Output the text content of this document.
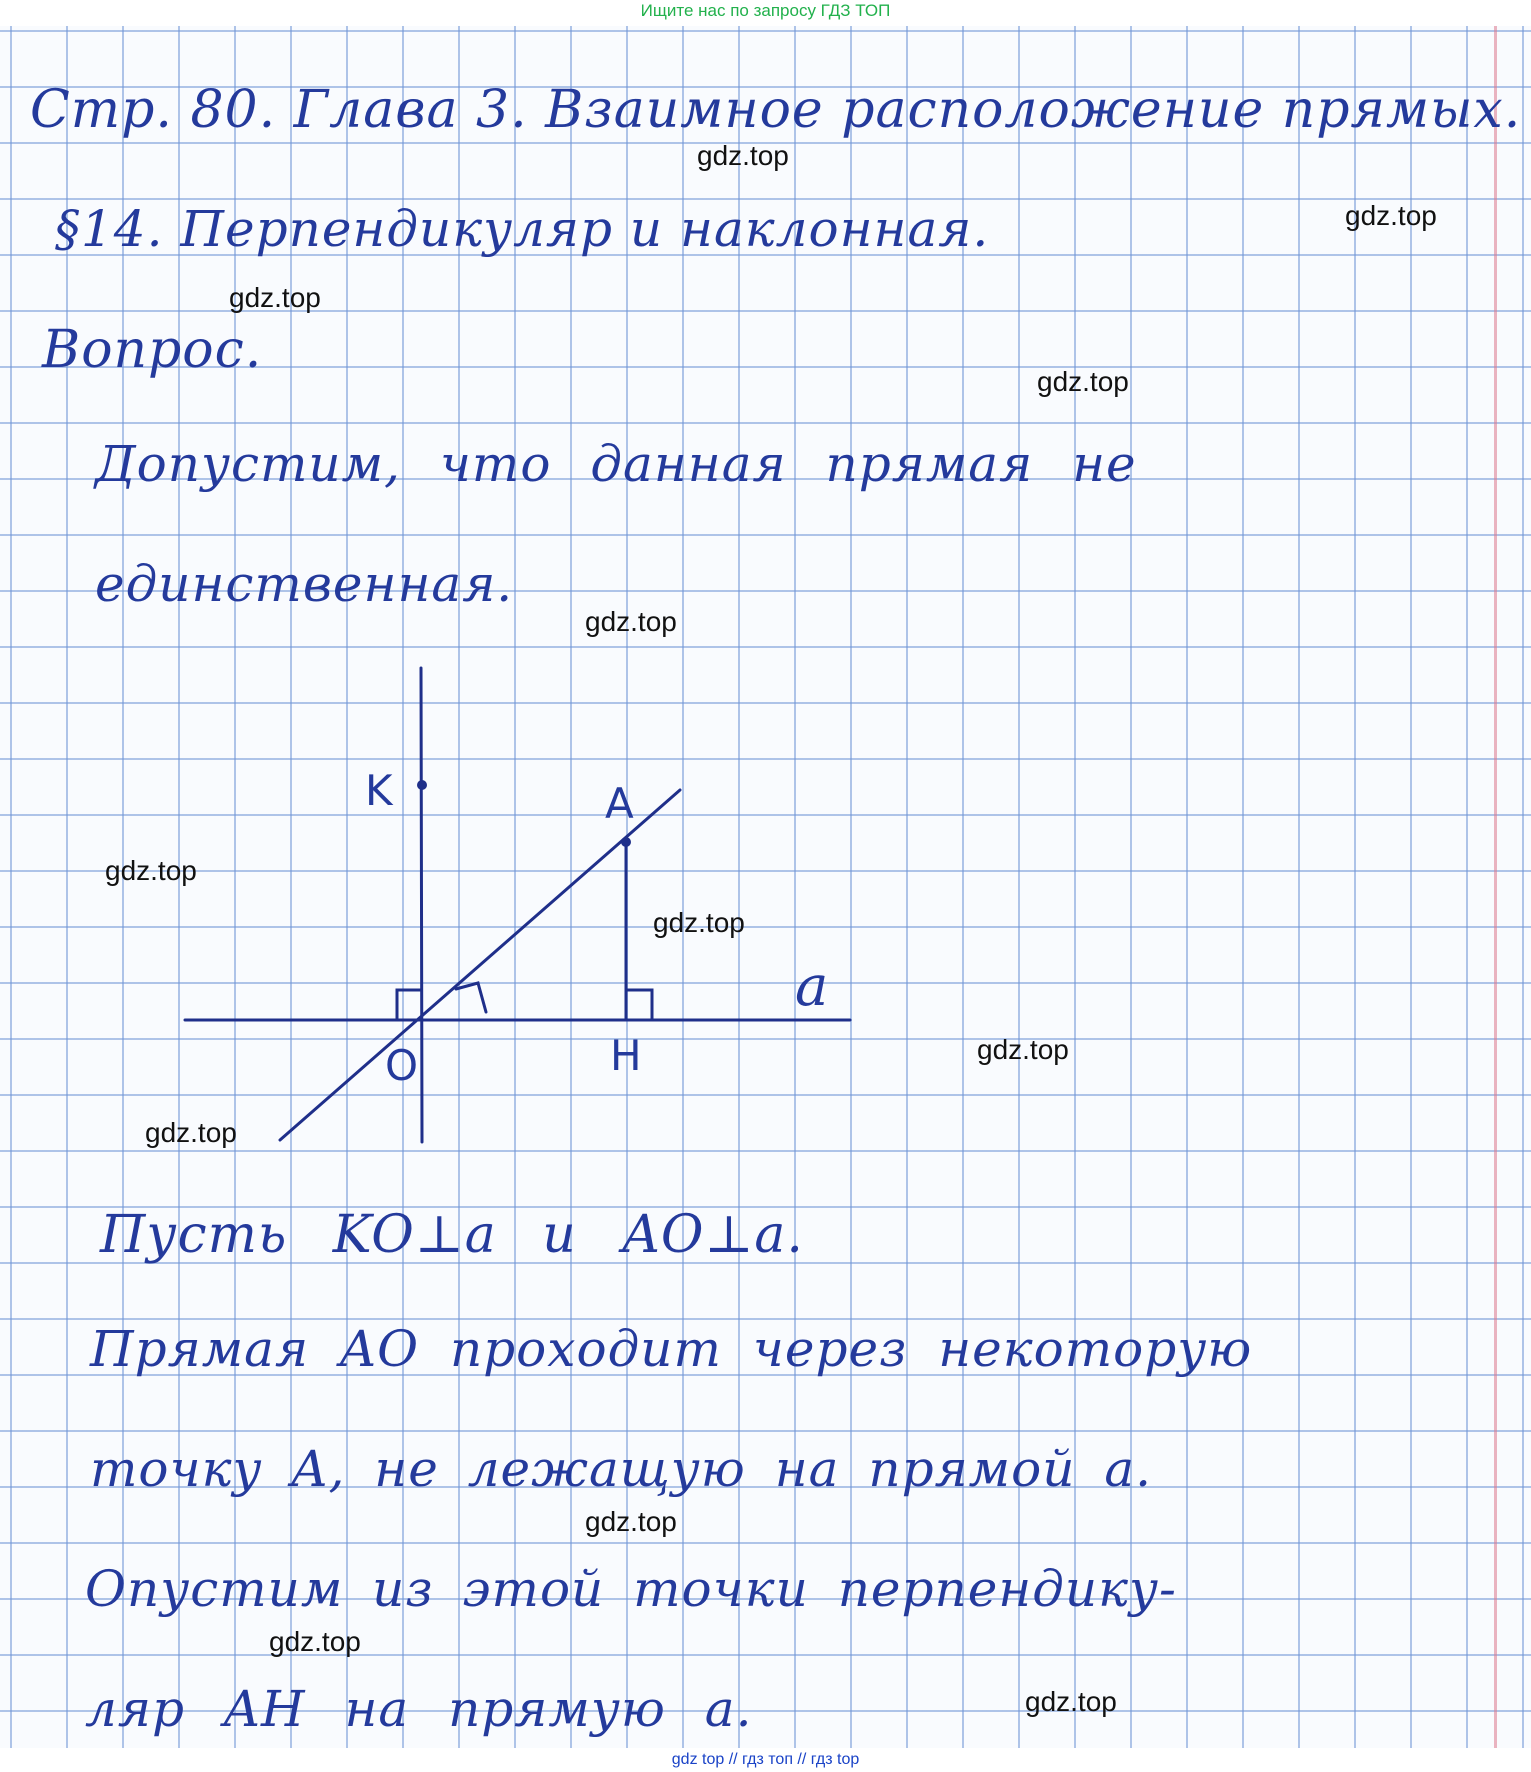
Ищите нас по запросу ГДЗ ТОП
Стр. 80. Глава 3. Взаимное расположение прямых.
§14. Перпендикуляр и наклонная.
Вопрос.
Допустим, что данная прямая не
единственная.
K	A
a
O	H
Пусть KO⊥a и AO⊥a.
Прямая AO проходит через некоторую
точку A, не лежащую на прямой a.
Опустим из этой точки перпендику-
ляр AH на прямую a.
gdz.top
gdz.top
gdz.top
gdz.top
gdz.top
gdz.top
gdz.top
gdz.top
gdz.top
gdz.top
gdz.top
gdz.top
gdz top // гдз топ // гдз top
